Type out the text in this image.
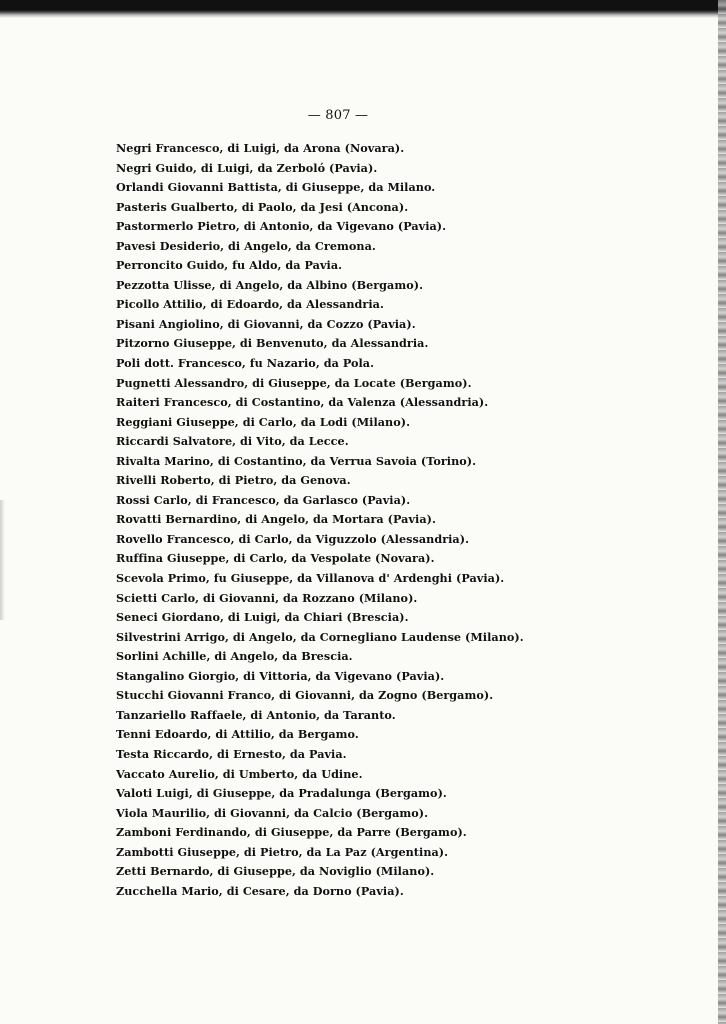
— 807 —
Negri Francesco, di Luigi, da Arona (Novara).
Negri Guido, di Luigi, da Zerboló (Pavia).
Orlandi Giovanni Battista, di Giuseppe, da Milano.
Pasteris Gualberto, di Paolo, da Jesi (Ancona).
Pastormerlo Pietro, di Antonio, da Vigevano (Pavia).
Pavesi Desiderio, di Angelo, da Cremona.
Perroncito Guido, fu Aldo, da Pavia.
Pezzotta Ulisse, di Angelo, da Albino (Bergamo).
Picollo Attilio, di Edoardo, da Alessandria.
Pisani Angiolino, di Giovanni, da Cozzo (Pavia).
Pitzorno Giuseppe, di Benvenuto, da Alessandria.
Poli dott. Francesco, fu Nazario, da Pola.
Pugnetti Alessandro, di Giuseppe, da Locate (Bergamo).
Raiteri Francesco, di Costantino, da Valenza (Alessandria).
Reggiani Giuseppe, di Carlo, da Lodi (Milano).
Riccardi Salvatore, di Vito, da Lecce.
Rivalta Marino, di Costantino, da Verrua Savoia (Torino).
Rivelli Roberto, di Pietro, da Genova.
Rossi Carlo, di Francesco, da Garlasco (Pavia).
Rovatti Bernardino, di Angelo, da Mortara (Pavia).
Rovello Francesco, di Carlo, da Viguzzolo (Alessandria).
Ruffina Giuseppe, di Carlo, da Vespolate (Novara).
Scevola Primo, fu Giuseppe, da Villanova d' Ardenghi (Pavia).
Scietti Carlo, di Giovanni, da Rozzano (Milano).
Seneci Giordano, di Luigi, da Chiari (Brescia).
Silvestrini Arrigo, di Angelo, da Cornegliano Laudense (Milano).
Sorlini Achille, di Angelo, da Brescia.
Stangalino Giorgio, di Vittoria, da Vigevano (Pavia).
Stucchi Giovanni Franco, di Giovanni, da Zogno (Bergamo).
Tanzariello Raffaele, di Antonio, da Taranto.
Tenni Edoardo, di Attilio, da Bergamo.
Testa Riccardo, di Ernesto, da Pavia.
Vaccato Aurelio, di Umberto, da Udine.
Valoti Luigi, di Giuseppe, da Pradalunga (Bergamo).
Viola Maurilio, di Giovanni, da Calcio (Bergamo).
Zamboni Ferdinando, di Giuseppe, da Parre (Bergamo).
Zambotti Giuseppe, di Pietro, da La Paz (Argentina).
Zetti Bernardo, di Giuseppe, da Noviglio (Milano).
Zucchella Mario, di Cesare, da Dorno (Pavia).
